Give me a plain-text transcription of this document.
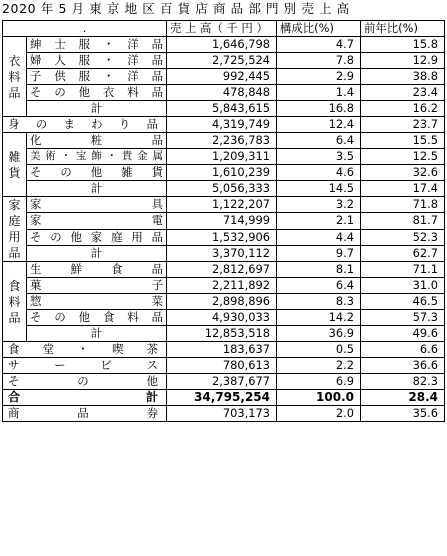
2020 年 5 月 東 京 地 区 百 貨 店 商 品 部 門 別 売 上 高
.		売 上 高（ 千 円 ）	構成比(%)	前年比(%)
衣料品	紳士服・洋品	1,646,798	4.7	15.8
	婦人服・洋品	2,725,524	7.8	12.9
	子供服・洋品	992,445	2.9	38.8
	その他衣料品	478,848	1.4	23.4
	計	5,843,615	16.8	16.2
身のまわり品		4,319,749	12.4	23.7
雑貨	化粧品	2,236,783	6.4	15.5
	美術・宝飾・貴金属	1,209,311	3.5	12.5
	その他雑貨	1,610,239	4.6	32.6
	計	5,056,333	14.5	17.4
家庭用品	家具	1,122,207	3.2	71.8
	家電	714,999	2.1	81.7
	その他家庭用品	1,532,906	4.4	52.3
	計	3,370,112	9.7	62.7
食料品	生鮮食品	2,812,697	8.1	71.1
	菓子	2,211,892	6.4	31.0
	惣菜	2,898,896	8.3	46.5
	その他食料品	4,930,033	14.2	57.3
	計	12,853,518	36.9	49.6
食堂・喫茶		183,637	0.5	6.6
サービス		780,613	2.2	36.6
その他		2,387,677	6.9	82.3
合計		34,795,254	100.0	28.4
商品券		703,173	2.0	35.6
